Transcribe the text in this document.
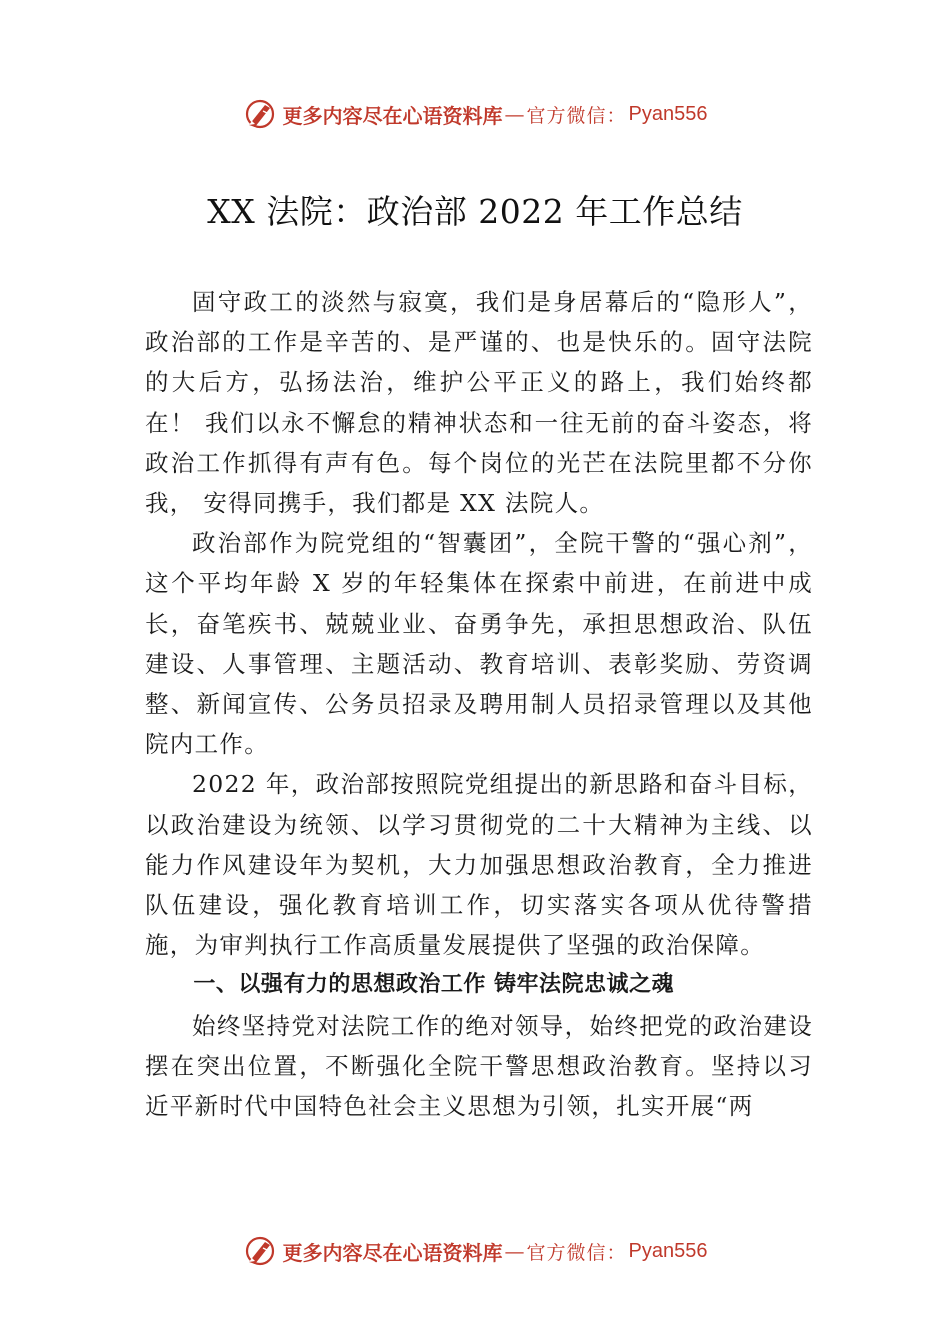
更多内容尽在心语资料库 — 官方微信： Pyan556
XX 法院：政治部 2022 年工作总结

固守政工的淡然与寂寞，我们是身居幕后的“隐形人”，政治部的工作是辛苦的、是严谨的、也是快乐的。固守法院的大后方，弘扬法治，维护公平正义的路上，我们始终都在！ 我们以永不懈怠的精神状态和一往无前的奋斗姿态，将政治工作抓得有声有色。每个岗位的光芒在法院里都不分你我， 安得同携手，我们都是 XX 法院人。

政治部作为院党组的“智囊团”，全院干警的“强心剂”，这个平均年龄 X 岁的年轻集体在探索中前进，在前进中成长，奋笔疾书、兢兢业业、奋勇争先，承担思想政治、队伍建设、人事管理、主题活动、教育培训、表彰奖励、劳资调整、新闻宣传、公务员招录及聘用制人员招录管理以及其他院内工作。

2022 年，政治部按照院党组提出的新思路和奋斗目标，以政治建设为统领、以学习贯彻党的二十大精神为主线、以能力作风建设年为契机，大力加强思想政治教育，全力推进队伍建设，强化教育培训工作，切实落实各项从优待警措施，为审判执行工作高质量发展提供了坚强的政治保障。

一、以强有力的思想政治工作 铸牢法院忠诚之魂

始终坚持党对法院工作的绝对领导，始终把党的政治建设摆在突出位置，不断强化全院干警思想政治教育。坚持以习近平新时代中国特色社会主义思想为引领，扎实开展“两

更多内容尽在心语资料库 — 官方微信： Pyan556
